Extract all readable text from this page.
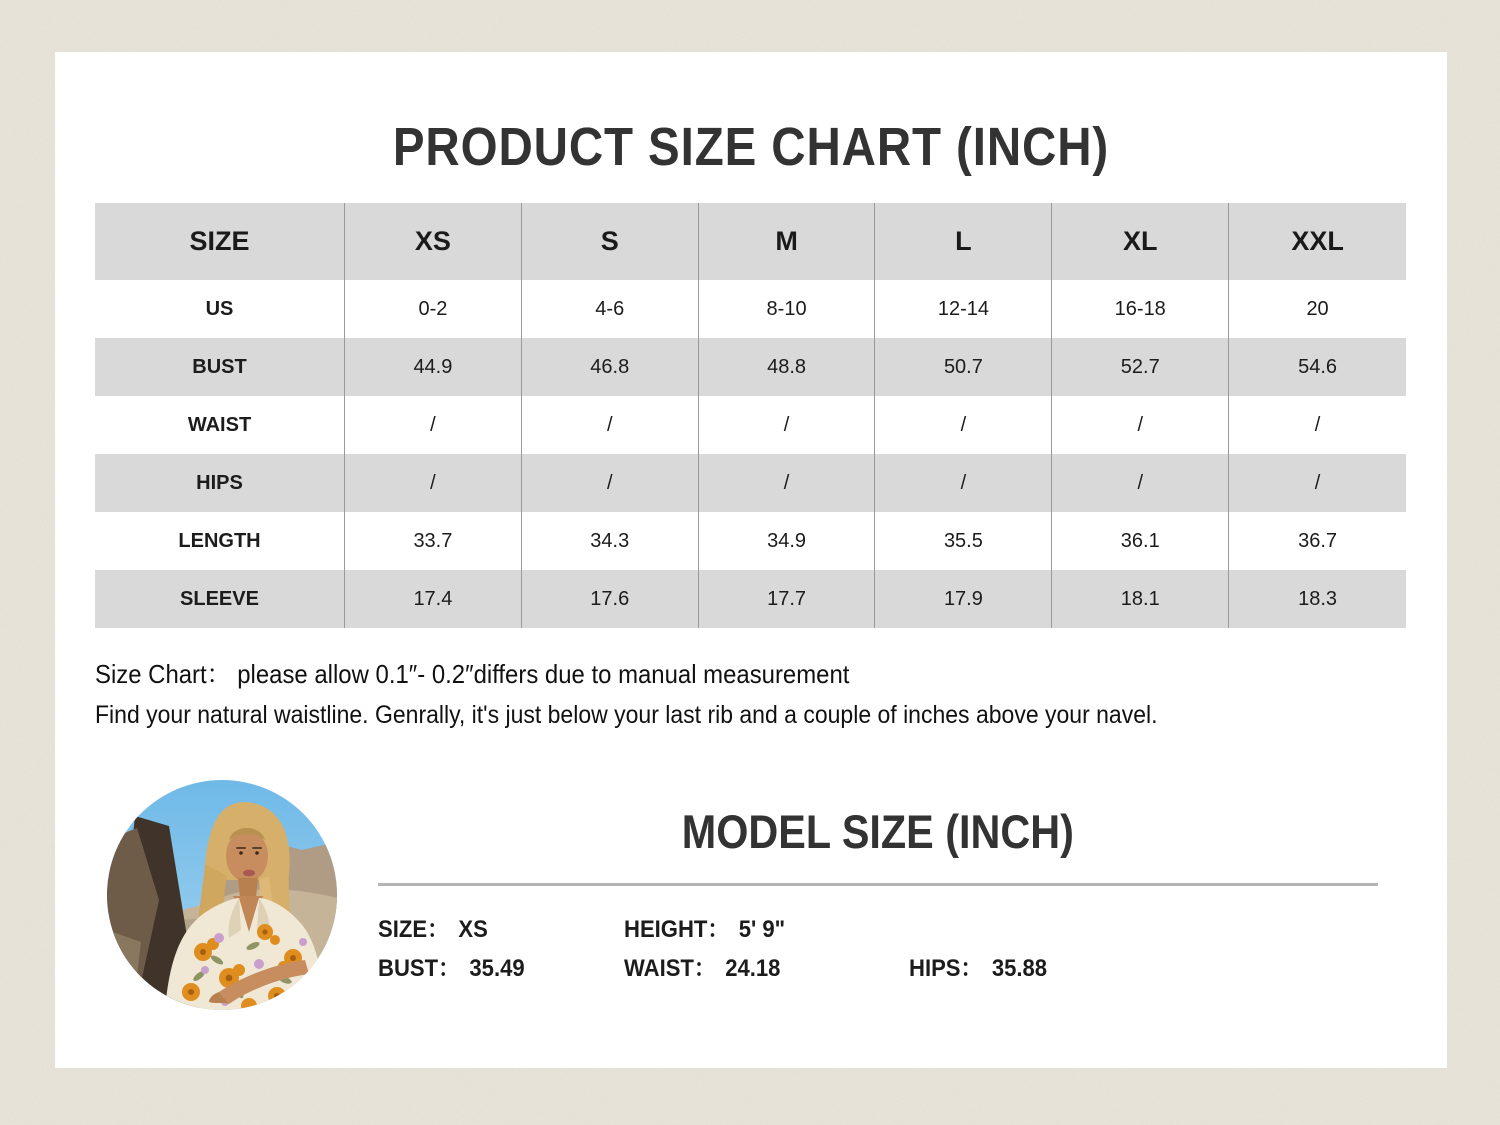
PRODUCT SIZE CHART (INCH)
SIZE	XS	S	M	L	XL	XXL
US	0-2	4-6	8-10	12-14	16-18	20
BUST	44.9	46.8	48.8	50.7	52.7	54.6
WAIST	/	/	/	/	/	/
HIPS	/	/	/	/	/	/
LENGTH	33.7	34.3	34.9	35.5	36.1	36.7
SLEEVE	17.4	17.6	17.7	17.9	18.1	18.3
Size Chart： please allow 0.1″- 0.2″differs due to manual measurement
Find your natural waistline. Genrally, it's just below your last rib and a couple of inches above your navel.
MODEL SIZE (INCH)
SIZE： XS	HEIGHT： 5' 9"
BUST： 35.49	WAIST： 24.18	HIPS： 35.88
